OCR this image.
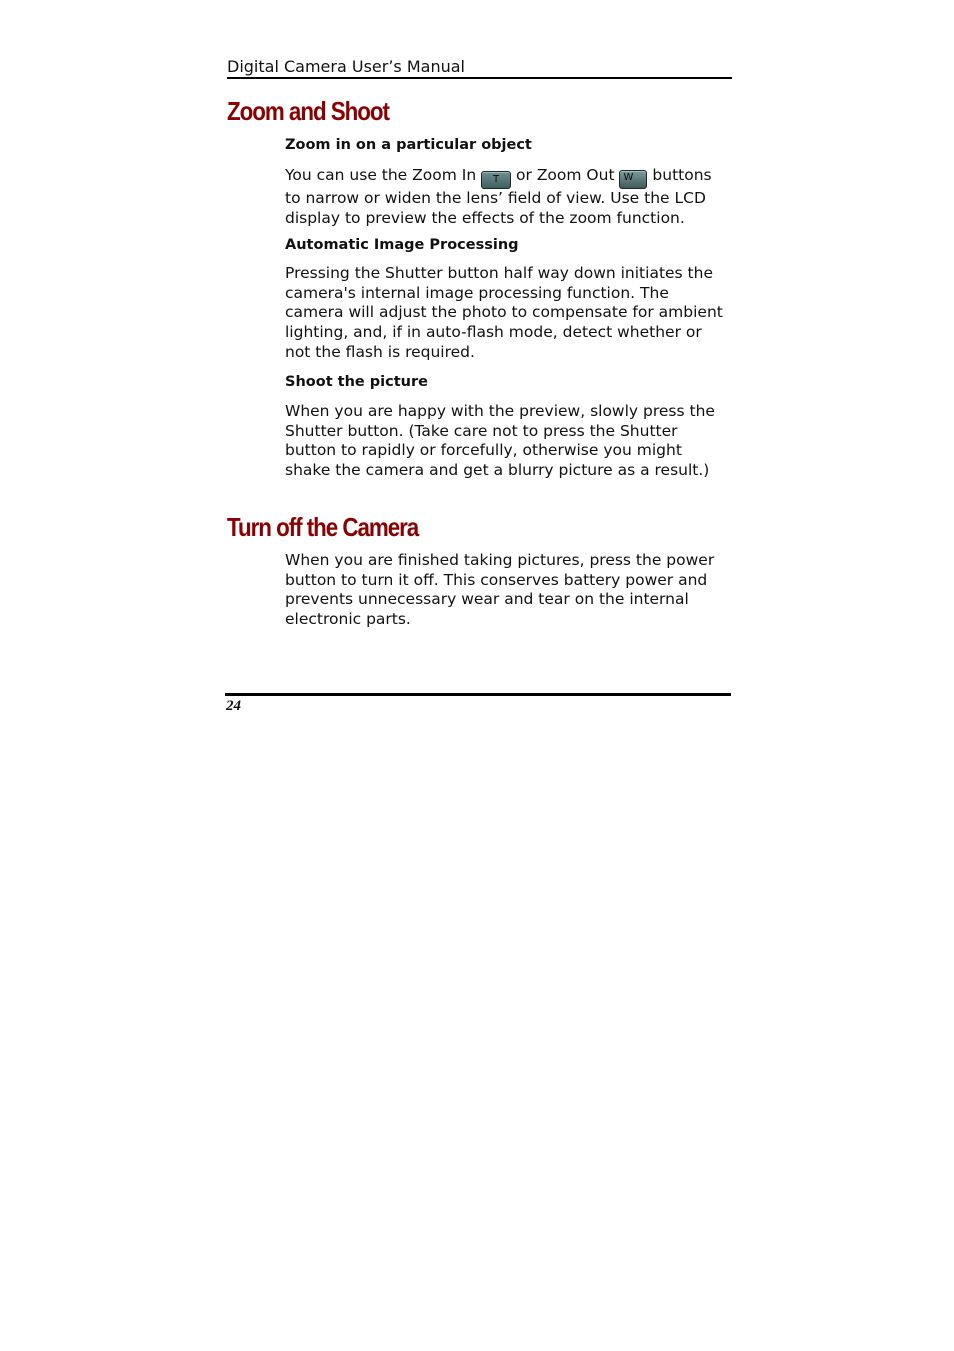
Digital Camera User’s Manual
Zoom and Shoot
Zoom in on a particular object
You can use the Zoom In T or Zoom Out W buttons to narrow or widen the lens’ field of view. Use the LCD display to preview the effects of the zoom function.
Automatic Image Processing
Pressing the Shutter button half way down initiates the camera's internal image processing function. The camera will adjust the photo to compensate for ambient lighting, and, if in auto-flash mode, detect whether or not the flash is required.
Shoot the picture
When you are happy with the preview, slowly press the Shutter button. (Take care not to press the Shutter button to rapidly or forcefully, otherwise you might shake the camera and get a blurry picture as a result.)
Turn off the Camera
When you are finished taking pictures, press the power button to turn it off. This conserves battery power and prevents unnecessary wear and tear on the internal electronic parts.
24
